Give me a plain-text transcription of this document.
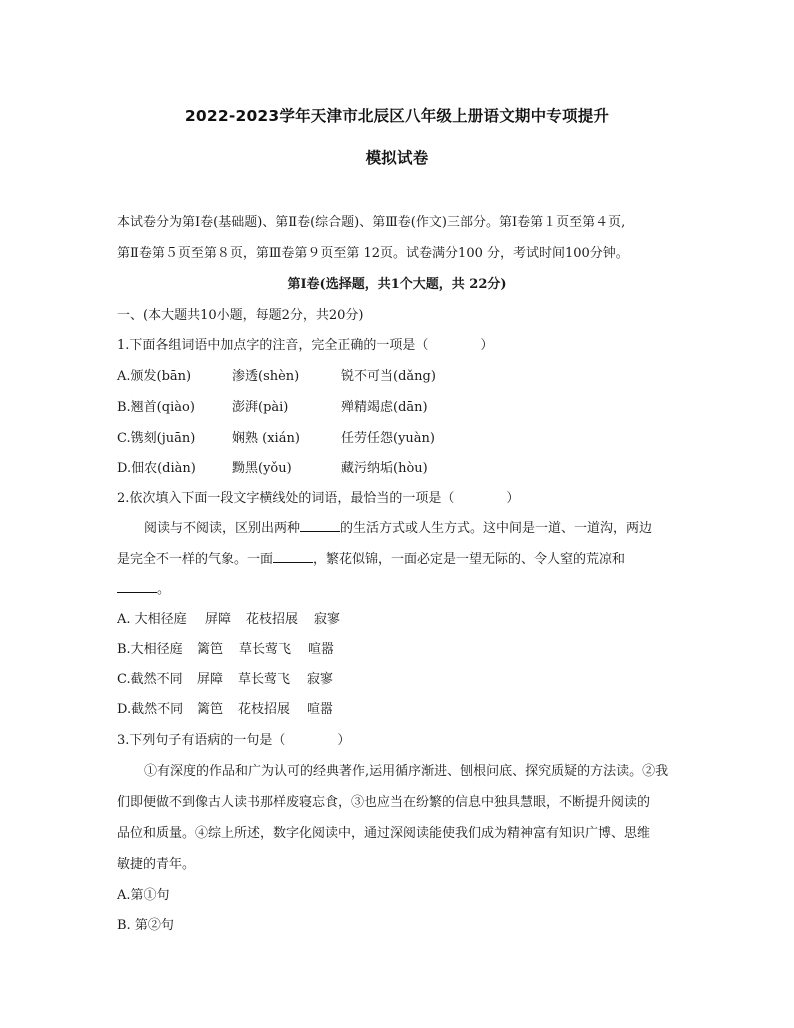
2022-2023学年天津市北辰区八年级上册语文期中专项提升
模拟试卷
本试卷分为第Ⅰ卷(基础题)、第Ⅱ卷(综合题)、第Ⅲ卷(作文)三部分。第Ⅰ卷第１页至第４页,
第Ⅱ卷第５页至第８页，第Ⅲ卷第９页至第 12页。试卷满分100 分，考试时间100分钟。
第Ⅰ卷(选择题，共1个大题，共 22分)
一、(本大题共10小题，每题2分，共20分)
1.下面各组词语中加点字的注音，完全正确的一项是（　　　　）
A.颁发(bān)	渗透(shèn)	锐不可当(dǎng)
B.翘首(qiào)	澎湃(pài)	殚精竭虑(dān)
C.镌刻(juān)	娴熟 (xián)	任劳任怨(yuàn)
D.佃农(diàn)	黝黑(yǒu)	藏污纳垢(hòu)
2.依次填入下面一段文字横线处的词语，最恰当的一项是（　　　　）
阅读与不阅读，区别出两种	的生活方式或人生方式。这中间是一道、一道沟，两边
是完全不一样的气象。一面	，繁花似锦，一面必定是一望无际的、令人窒的荒凉和
。
A. 大相径庭 屏障 花枝招展 寂寥
B.大相径庭 篱笆 草长莺飞 喧嚣
C.截然不同 屏障 草长莺飞 寂寥
D.截然不同 篱笆 花枝招展 喧嚣
3.下列句子有语病的一句是（　　　　）
①有深度的作品和广为认可的经典著作,运用循序渐进、刨根问底、探究质疑的方法读。②我
们即便做不到像古人读书那样废寝忘食，③也应当在纷繁的信息中独具慧眼，不断提升阅读的
品位和质量。④综上所述，数字化阅读中，通过深阅读能使我们成为精神富有知识广博、思维
敏捷的青年。
A.第①句
B. 第②句
